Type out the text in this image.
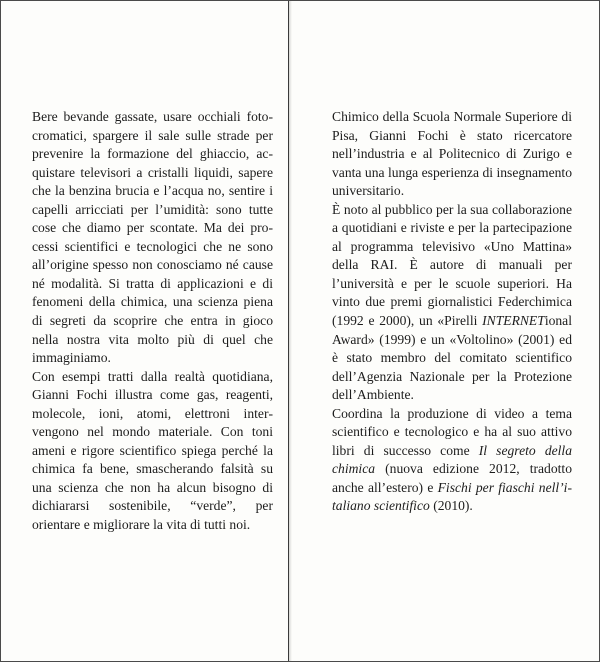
Bere bevande gassate, usare occhiali fotocromatici, spargere il sale sulle strade per prevenire la formazione del ghiaccio, acquistare televisori a cristalli liquidi, sapere che la benzina brucia e l’acqua no, sentire i capelli arricciati per l’umidità: sono tutte cose che diamo per scontate. Ma dei processi scientifici e tecnologici che ne sono all’origine spesso non conosciamo né cause né modalità. Si tratta di applicazioni e di fenomeni della chimica, una scienza piena di segreti da scoprire che entra in gioco nella nostra vita molto più di quel che immaginiamo.

Con esempi tratti dalla realtà quotidiana, Gianni Fochi illustra come gas, reagenti, molecole, ioni, atomi, elettroni intervengono nel mondo materiale. Con toni ameni e rigore scientifico spiega perché la chimica fa bene, smascherando falsità su una scienza che non ha alcun bisogno di dichiararsi sostenibile, “verde”, per orientare e migliorare la vita di tutti noi.

Chimico della Scuola Normale Superiore di Pisa, Gianni Fochi è stato ricercatore nell’industria e al Politecnico di Zurigo e vanta una lunga esperienza di insegnamento universitario.

È noto al pubblico per la sua collaborazione a quotidiani e riviste e per la partecipazione al programma televisivo «Uno Mattina» della RAI. È autore di manuali per l’università e per le scuole superiori. Ha vinto due premi giornalistici Federchimica (1992 e 2000), un «Pirelli INTERNETional Award» (1999) e un «Voltolino» (2001) ed è stato membro del comitato scientifico dell’Agenzia Nazionale per la Protezione dell’Ambiente.

Coordina la produzione di video a tema scientifico e tecnologico e ha al suo attivo libri di successo come Il segreto della chimica (nuova edizione 2012, tradotto anche all’estero) e Fischi per fiaschi nell’italiano scientifico (2010).
